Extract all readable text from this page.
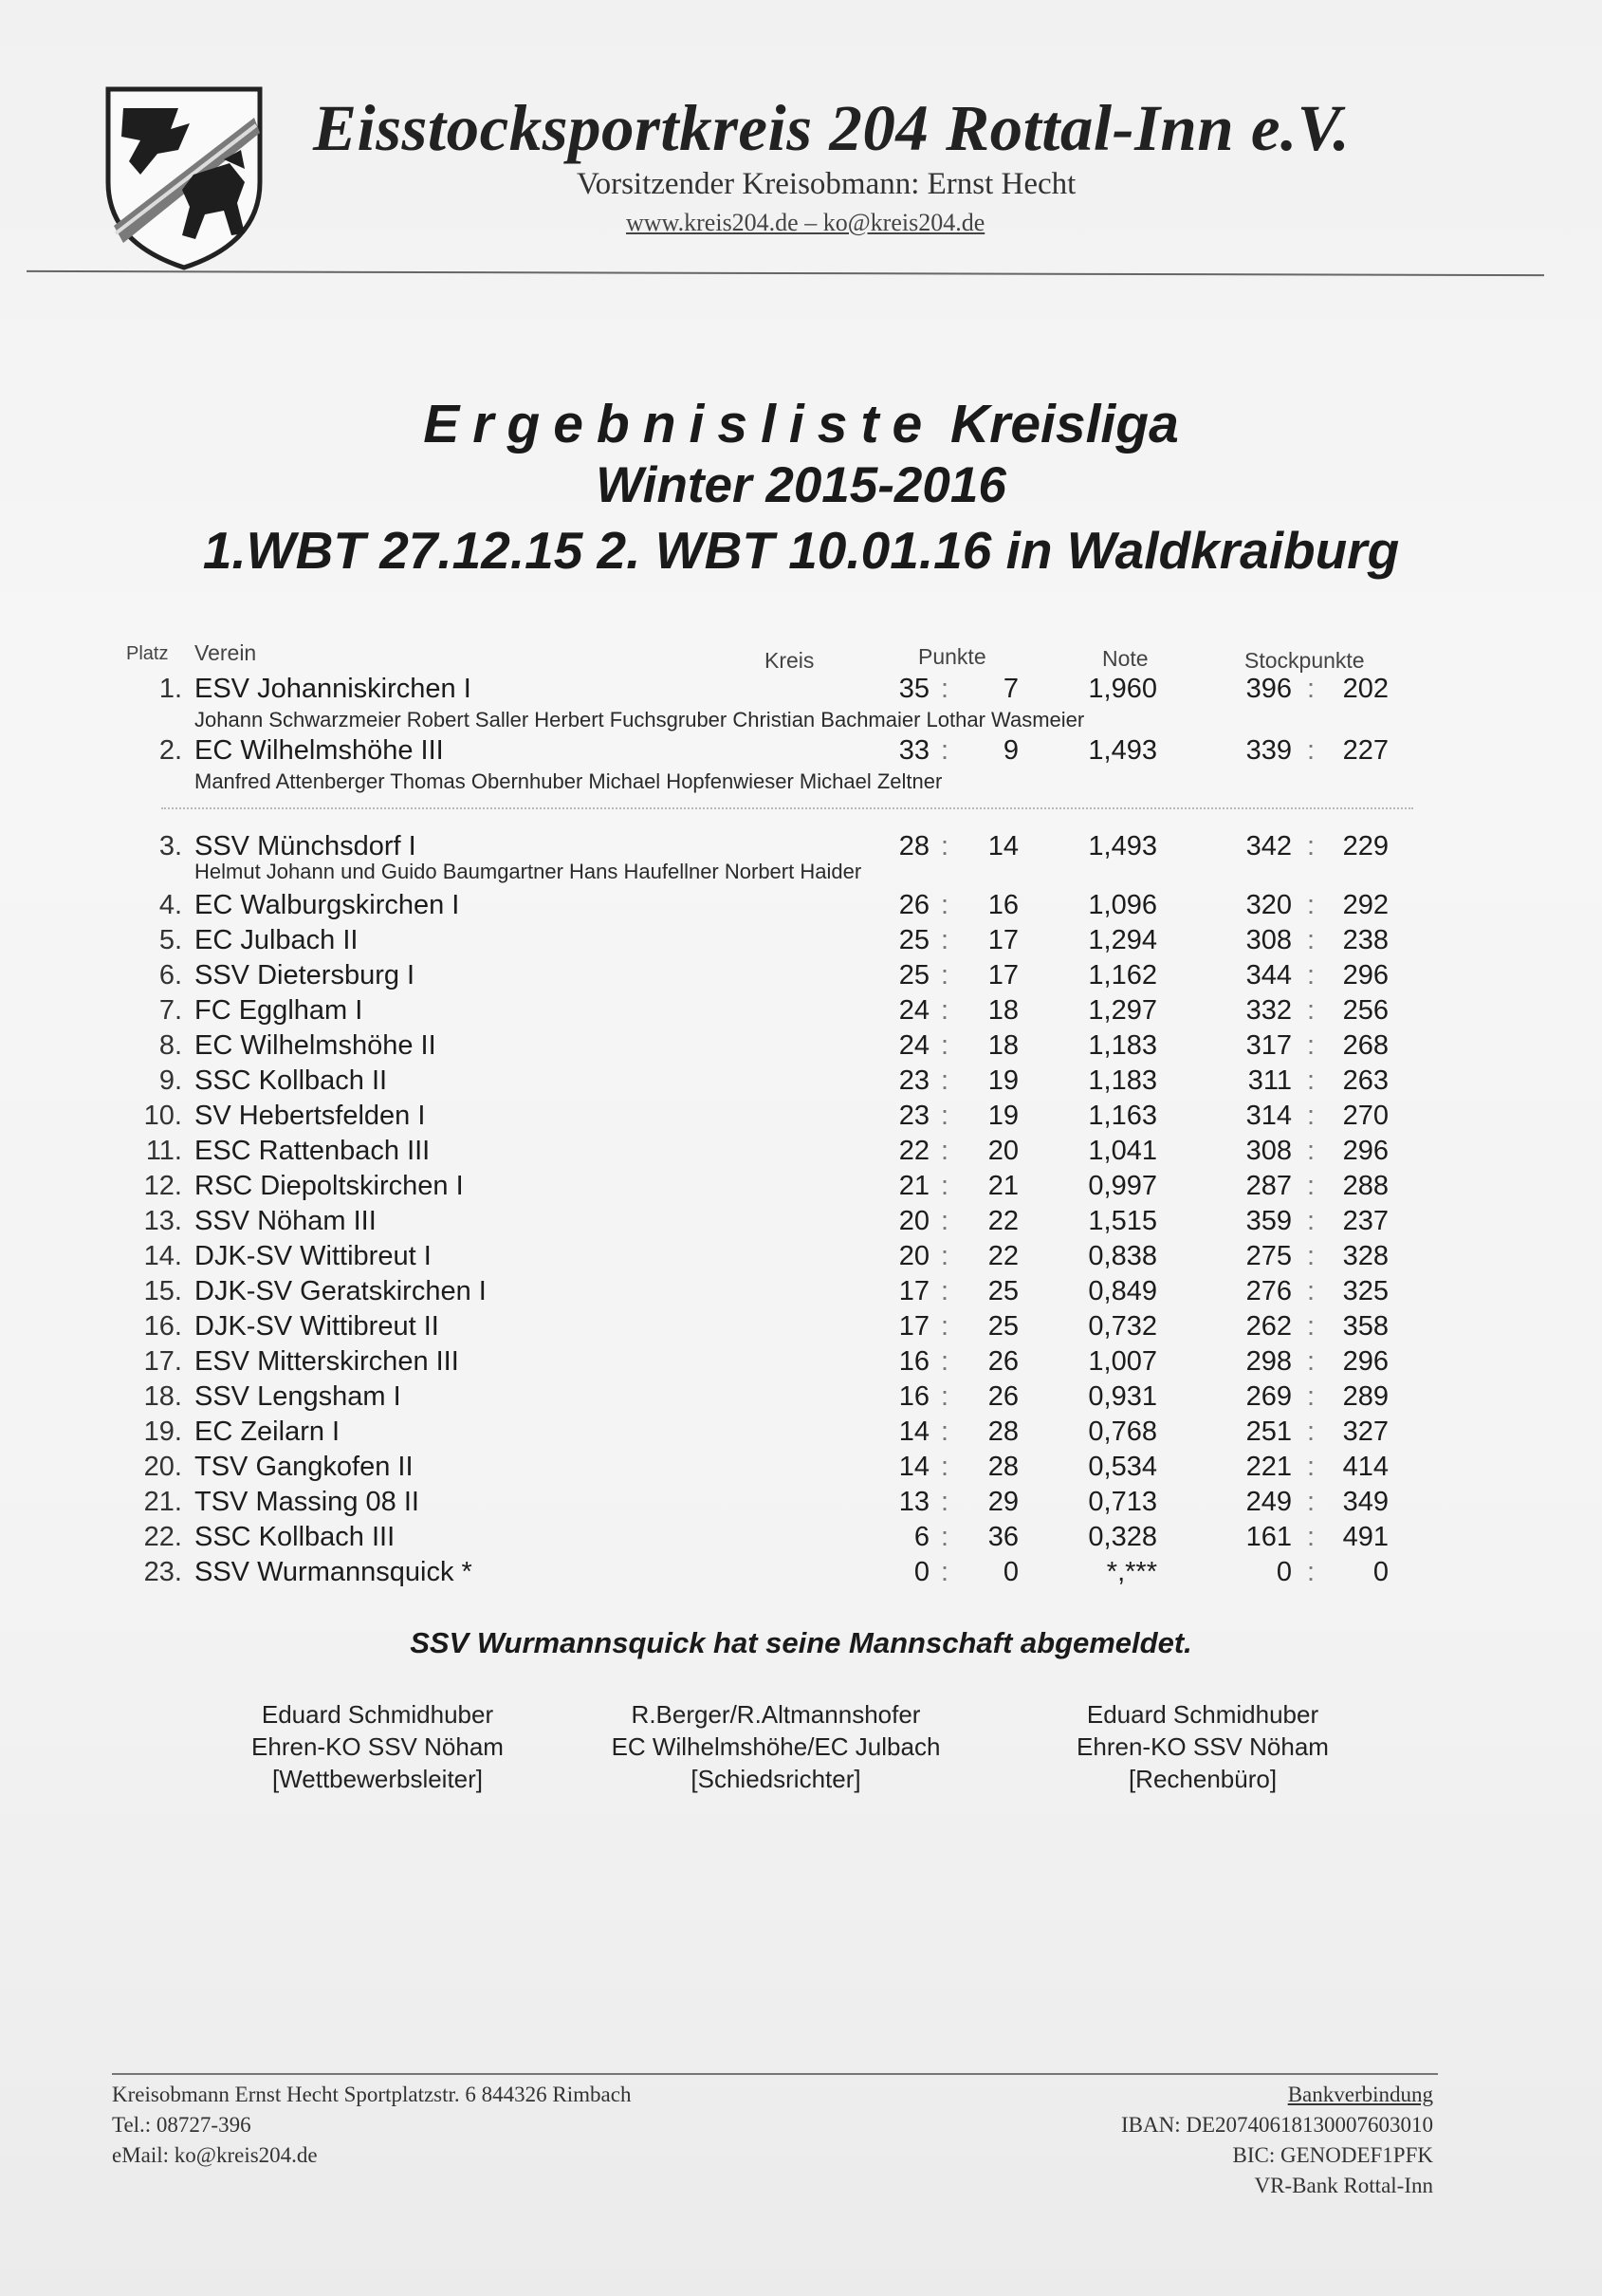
Eisstocksportkreis 204 Rottal-Inn e.V.
Vorsitzender Kreisobmann: Ernst Hecht
www.kreis204.de – ko@kreis204.de
Ergebnisliste Kreisliga
Winter 2015-2016
1.WBT 27.12.15 2. WBT 10.01.16 in Waldkraiburg
Platz Verein	Kreis	Punkte	Note	Stockpunkte
1. ESV Johanniskirchen I	35 :	7	1,960	396 :	202
2. EC Wilhelmshöhe III	33 :	9	1,493	339 :	227
3. SSV Münchsdorf I	28 :	14	1,493	342 :	229
4. EC Walburgskirchen I	26 :	16	1,096	320 :	292
5. EC Julbach II	25 :	17	1,294	308 :	238
6. SSV Dietersburg I	25 :	17	1,162	344 :	296
7. FC Egglham I	24 :	18	1,297	332 :	256
8. EC Wilhelmshöhe II	24 :	18	1,183	317 :	268
9. SSC Kollbach II	23 :	19	1,183	311 :	263
10. SV Hebertsfelden I	23 :	19	1,163	314 :	270
11. ESC Rattenbach III	22 :	20	1,041	308 :	296
12. RSC Diepoltskirchen I	21 :	21	0,997	287 :	288
13. SSV Nöham III	20 :	22	1,515	359 :	237
14. DJK-SV Wittibreut I	20 :	22	0,838	275 :	328
15. DJK-SV Geratskirchen I	17 :	25	0,849	276 :	325
16. DJK-SV Wittibreut II	17 :	25	0,732	262 :	358
17. ESV Mitterskirchen III	16 :	26	1,007	298 :	296
18. SSV Lengsham I	16 :	26	0,931	269 :	289
19. EC Zeilarn I	14 :	28	0,768	251 :	327
20. TSV Gangkofen II	14 :	28	0,534	221 :	414
21. TSV Massing 08 II	13 :	29	0,713	249 :	349
22. SSC Kollbach III	6 :	36	0,328	161 :	491
23. SSV Wurmannsquick *	0 :	0	*,***	0 :	0
Johann Schwarzmeier Robert Saller Herbert Fuchsgruber Christian Bachmaier Lothar Wasmeier
Manfred Attenberger Thomas Obernhuber Michael Hopfenwieser Michael Zeltner
Helmut Johann und Guido Baumgartner Hans Haufellner Norbert Haider
SSV Wurmannsquick hat seine Mannschaft abgemeldet.
Eduard Schmidhuber
Ehren-KO SSV Nöham
[Wettbewerbsleiter]
R.Berger/R.Altmannshofer
EC Wilhelmshöhe/EC Julbach
[Schiedsrichter]
Eduard Schmidhuber
Ehren-KO SSV Nöham
[Rechenbüro]
Kreisobmann Ernst Hecht Sportplatzstr. 6 844326 Rimbach
Tel.: 08727-396
eMail: ko@kreis204.de
Bankverbindung
IBAN: DE20740618130007603010
BIC: GENODEF1PFK
VR-Bank Rottal-Inn
